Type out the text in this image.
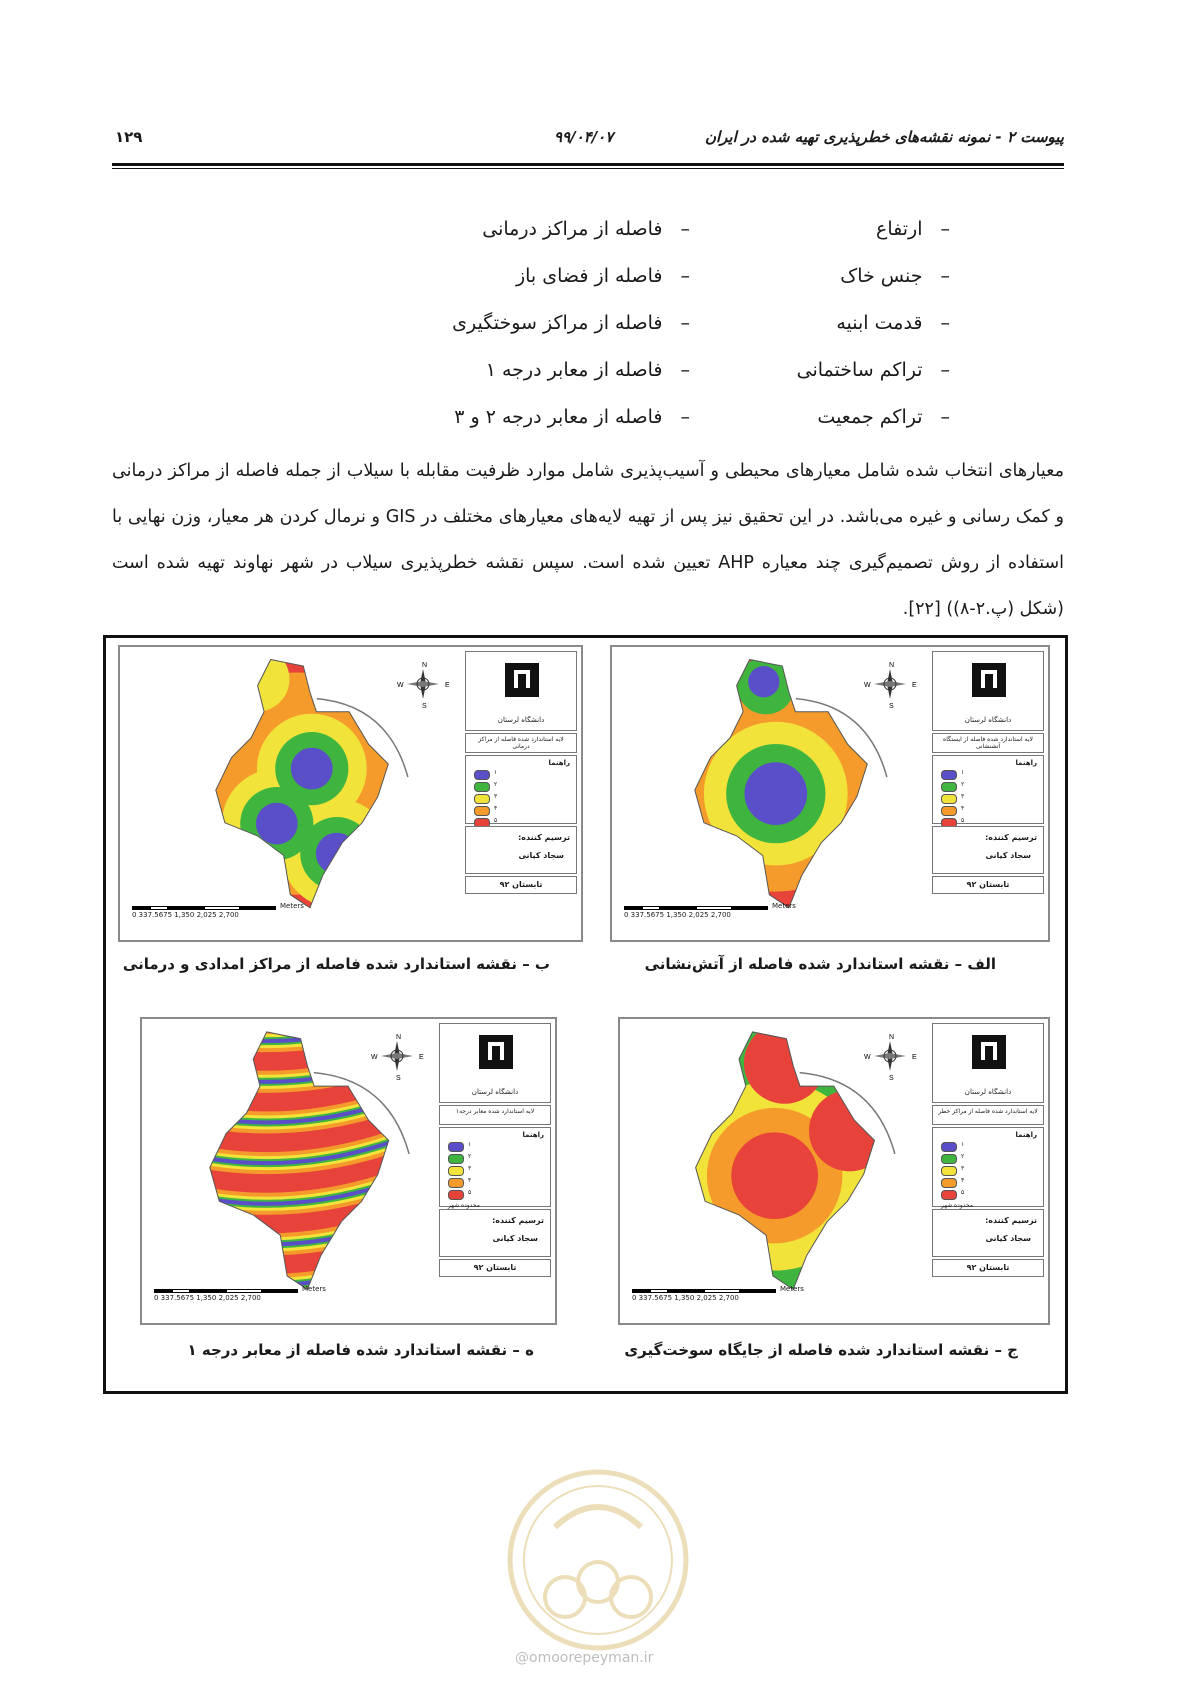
پیوست ۲ - نمونه نقشه‌های خطرپذیری تهیه شده در ایران
۹۹/۰۴/۰۷
۱۲۹
–ارتفاع
–فاصله از مراکز درمانی
–جنس خاک
–فاصله از فضای باز
–قدمت ابنیه
–فاصله از مراکز سوختگیری
–تراکم ساختمانی
–فاصله از معابر درجه ۱
–تراکم جمعیت
–فاصله از معابر درجه ۲ و ۳
معیارهای انتخاب شده شامل معیارهای محیطی و آسیب‌پذیری شامل موارد ظرفیت مقابله با سیلاب از جمله فاصله از مراکز درمانی و کمک رسانی و غیره می‌باشد. در این تحقیق نیز پس از تهیه لایه‌های معیارهای مختلف در GIS و نرمال کردن هر معیار، وزن نهایی با استفاده از روش تصمیم‌گیری چند معیاره AHP تعیین شده است. سپس نقشه خطرپذیری سیلاب در شهر نهاوند تهیه شده است (شکل (پ.۲-۸)) [۲۲].
N
S
W	E
Meters
0 337.5675 1,350 2,025 2,700
دانشگاه لرستان
لایه استاندارد شده فاصله از ایستگاه آتشنشانی
راهنما
۱
۲
۳
۴
۵
ترسیم کننده:
سجاد کیانی
تابستان ۹۲
N
S
W	E
Meters
0 337.5675 1,350 2,025 2,700
دانشگاه لرستان
لایه استاندارد شده فاصله از مراکز درمانی
راهنما
۱
۲
۳
۴
۵
ترسیم کننده:
سجاد کیانی
تابستان ۹۲
N
S
W	E
Meters
0 337.5675 1,350 2,025 2,700
دانشگاه لرستان
لایه استاندارد شده فاصله از مراکز خطر
راهنما
۱
۲
۳
۴
۵
محدوده شهر
ترسیم کننده:
سجاد کیانی
تابستان ۹۲
N
S
W	E
Meters
0 337.5675 1,350 2,025 2,700
دانشگاه لرستان
لایه استاندارد شده معابر درجه۱
راهنما
۱
۲
۳
۴
۵
محدوده شهر
ترسیم کننده:
سجاد کیانی
تابستان ۹۲
الف – نقشه استاندارد شده فاصله از آتش‌نشانی
ب – نقشه استاندارد شده فاصله از مراکز امدادی و درمانی
ج – نقشه استاندارد شده فاصله از جایگاه سوخت‌گیری
ه – نقشه استاندارد شده فاصله از معابر درجه ۱
@omoorepeyman.ir
